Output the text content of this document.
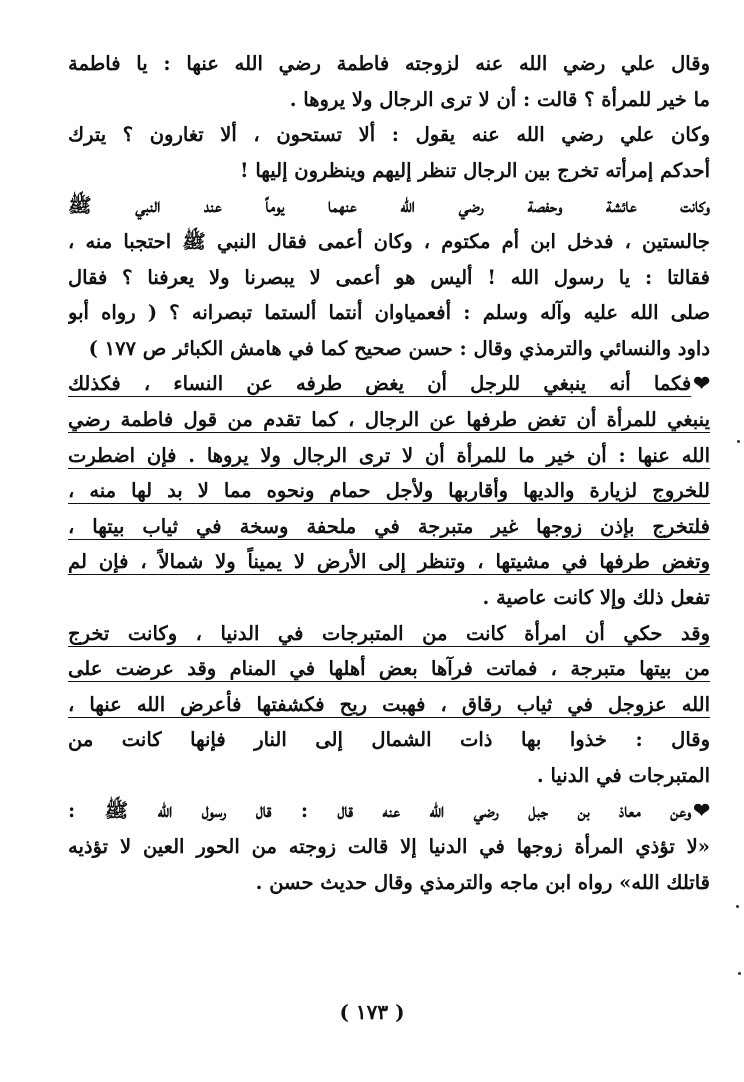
وقال علي رضي الله عنه لزوجته فاطمة رضي الله عنها : يا فاطمة
ما خير للمرأة ؟ قالت : أن لا ترى الرجال ولا يروها .
وكان علي رضي الله عنه يقول : ألا تستحون ، ألا تغارون ؟ يترك
أحدكم إمرأته تخرج بين الرجال تنظر إليهم وينظرون إليها !
وكانت عائشة وحفصة رضي الله عنهما يوماً عند النبي ﷺ
جالستين ، فدخل ابن أم مكتوم ، وكان أعمى فقال النبي ﷺ احتجبا منه ،
فقالتا : يا رسول الله ! أليس هو أعمى لا يبصرنا ولا يعرفنا ؟ فقال
صلى الله عليه وآله وسلم : أفعمياوان أنتما ألستما تبصرانه ؟ ( رواه أبو
داود والنسائي والترمذي وقال : حسن صحيح كما في هامش الكبائر ص ١٧٧ )
❤فكما أنه ينبغي للرجل أن يغض طرفه عن النساء ، فكذلك
ينبغي للمرأة أن تغض طرفها عن الرجال ، كما تقدم من قول فاطمة رضي
الله عنها : أن خير ما للمرأة أن لا ترى الرجال ولا يروها . فإن اضطرت
للخروج لزيارة والديها وأقاربها ولأجل حمام ونحوه مما لا بد لها منه ،
فلتخرج بإذن زوجها غير متبرجة في ملحفة وسخة في ثياب بيتها ،
وتغض طرفها في مشيتها ، وتنظر إلى الأرض لا يميناً ولا شمالاً ، فإن لم
تفعل ذلك وإلا كانت عاصية .
وقد حكي أن امرأة كانت من المتبرجات في الدنيا ، وكانت تخرج
من بيتها متبرجة ، فماتت فرآها بعض أهلها في المنام وقد عرضت على
الله عزوجل في ثياب رقاق ، فهبت ريح فكشفتها فأعرض الله عنها ،
وقال : خذوا بها ذات الشمال إلى النار فإنها كانت من
المتبرجات في الدنيا .
❤وعن معاذ بن جبل رضي الله عنه قال : قال رسول الله ﷺ :
«لا تؤذي المرأة زوجها في الدنيا إلا قالت زوجته من الحور العين لا تؤذيه
قاتلك الله» رواه ابن ماجه والترمذي وقال حديث حسن .
( ١٧٣ )
